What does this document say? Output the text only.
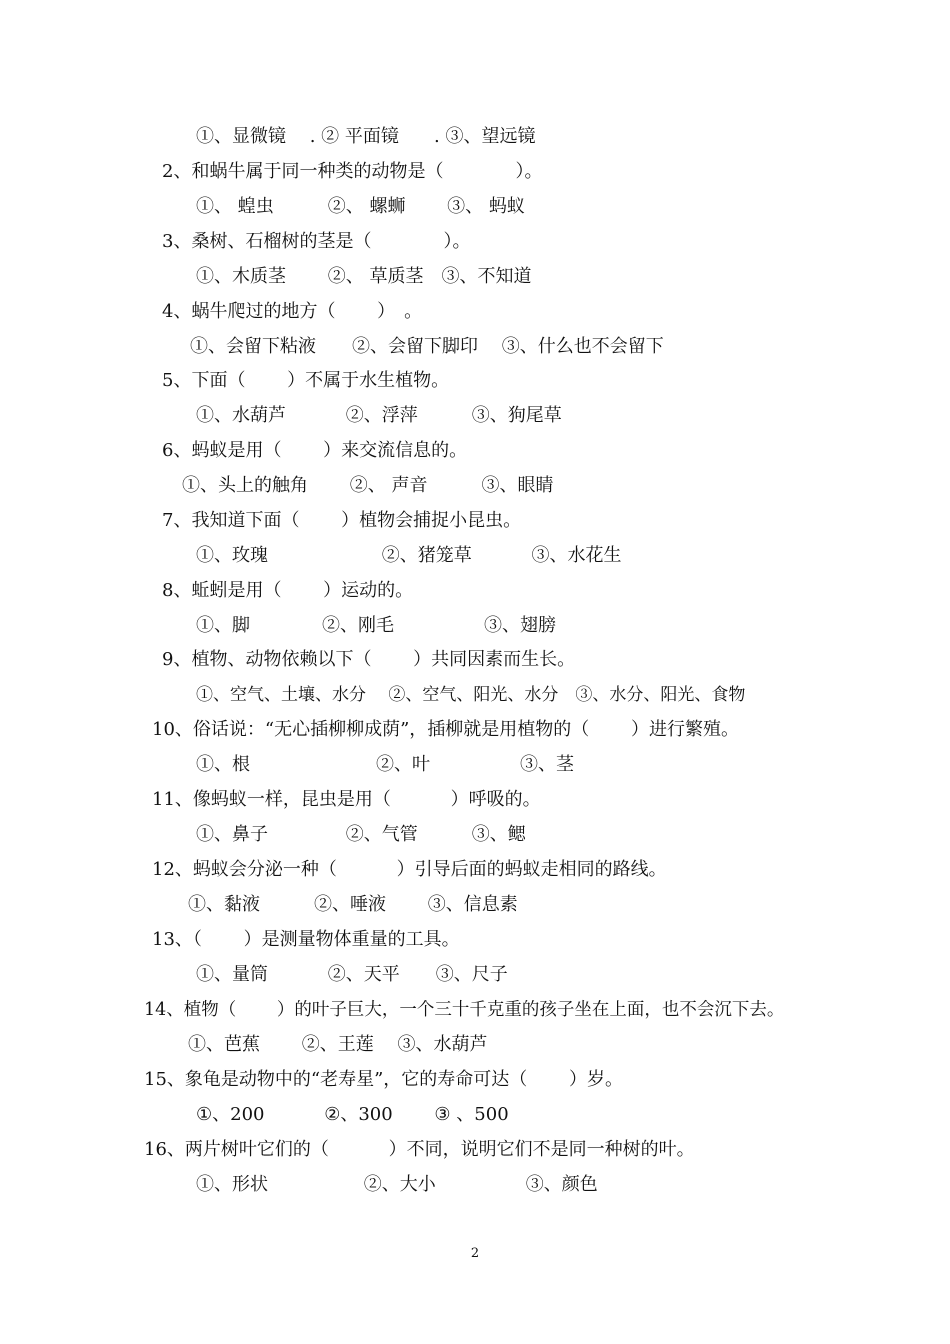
①、显微镜 　. ② 平面镜 　  . ③、望远镜
2、和蜗牛属于同一种类的动物是（　　　　）。
①、 蝗虫　　　②、 螺蛳　　 ③、 蚂蚁
3、桑树、石榴树的茎是（　　　　）。
①、木质茎　　 ②、 草质茎　③、不知道
4、蜗牛爬过的地方（　　 ）　。
①、会留下粘液　　②、会留下脚印　 ③、什么也不会留下
5、下面（　　 ）不属于水生植物。
①、水葫芦　　　 ②、浮萍　　　③、狗尾草
6、蚂蚁是用（　　 ）来交流信息的。
①、头上的触角　　 ②、 声音　　　③、眼睛
7、我知道下面（　　 ）植物会捕捉小昆虫。
①、玫瑰　　　　　　 ②、猪笼草　　　 ③、水花生
8、蚯蚓是用（　　 ）运动的。
①、脚　　　　②、刚毛　　　　　③、翅膀
9、植物、动物依赖以下（　　 ）共同因素而生长。
①、空气、土壤、水分　 ②、空气、阳光、水分　③、水分、阳光、食物
10、俗话说：“无心插柳柳成荫”，插柳就是用植物的（　　 ）进行繁殖。
①、根　　　　　　　②、叶　　　　　③、茎
11、像蚂蚁一样，昆虫是用（　　　 ）呼吸的。
①、鼻子　　　　 ②、气管　　　③、鳃
12、蚂蚁会分泌一种（　　　 ）引导后面的蚂蚁走相同的路线。
①、黏液　　　②、唾液　　 ③、信息素
13、（　　 ）是测量物体重量的工具。
①、量筒　　　 ②、天平　　③、尺子
14、植物（　　 ）的叶子巨大，一个三十千克重的孩子坐在上面，也不会沉下去。
①、芭蕉　　 ②、王莲　 ③、水葫芦
15、象龟是动物中的“老寿星”，它的寿命可达（　　 ）岁。
①、200　　　 ②、300　　 ③ 、500
16、两片树叶它们的（　　　 ）不同，说明它们不是同一种树的叶。
①、形状　　　　　 ②、大小　　　　　③、颜色
2
